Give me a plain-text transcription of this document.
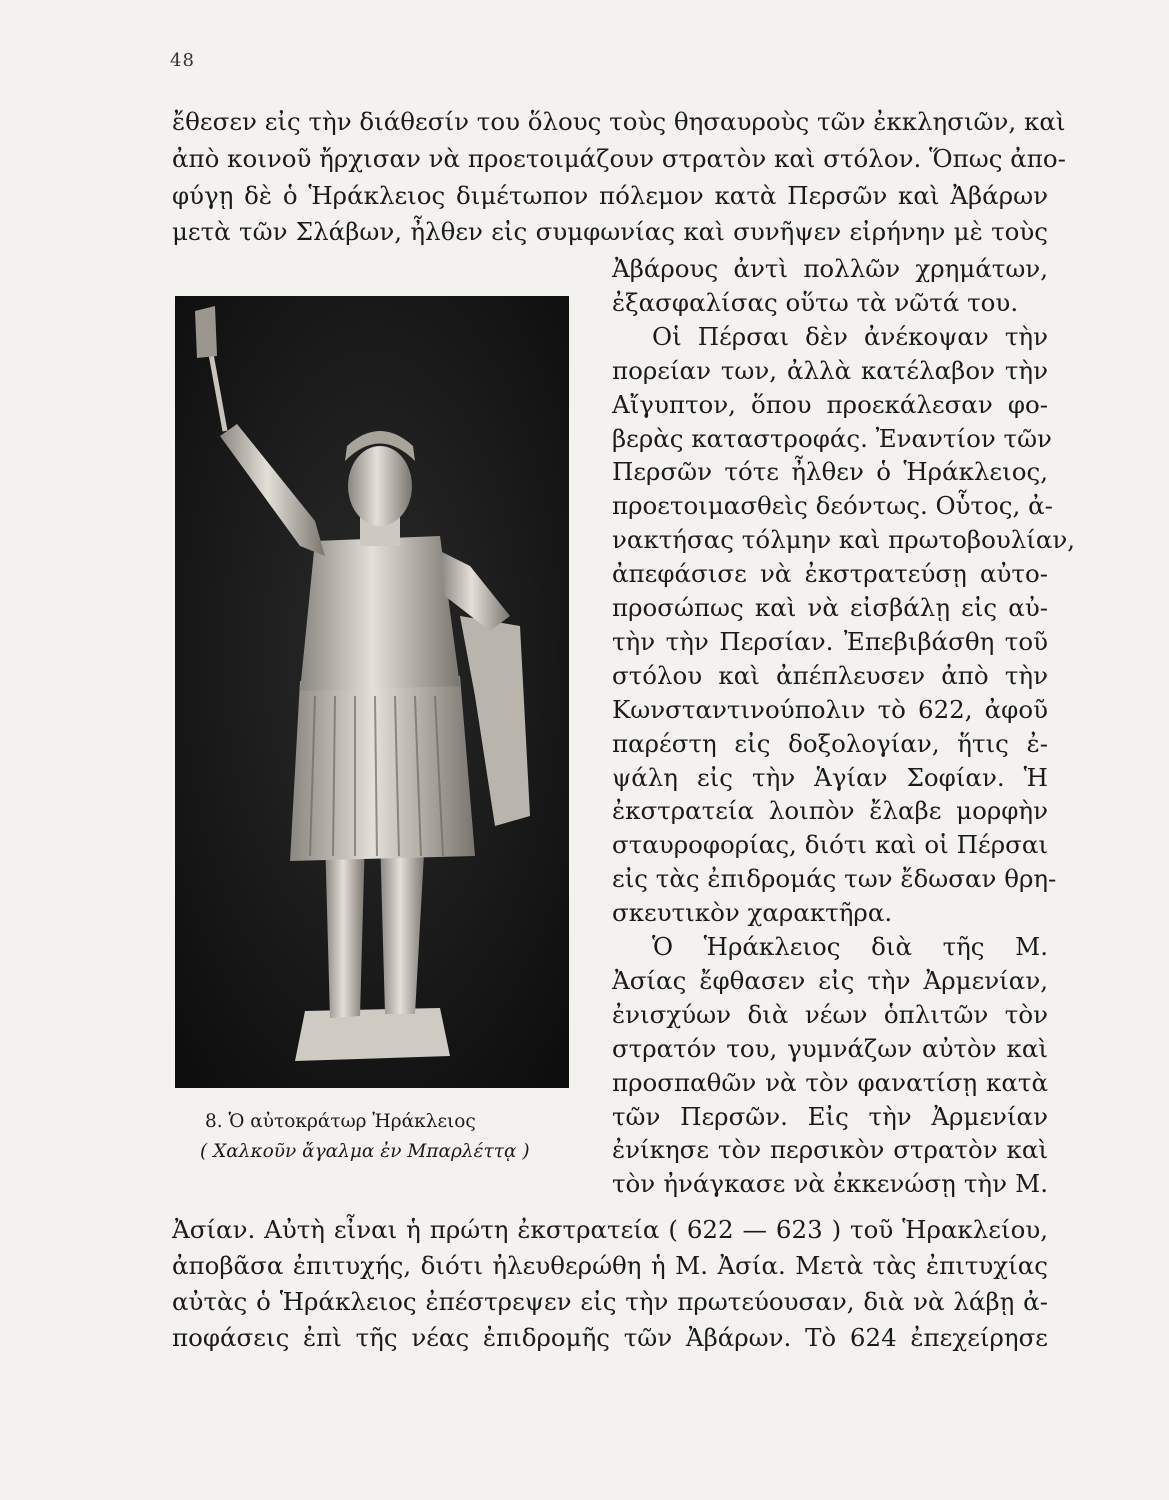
48
ἔθεσεν εἰς τὴν διάθεσίν του ὅλους τοὺς θησαυροὺς τῶν ἐκκλησιῶν, καὶ
ἀπὸ κοινοῦ ἤρχισαν νὰ προετοιμάζουν στρατὸν καὶ στόλον. Ὅπως ἀπο-
φύγῃ δὲ ὁ Ἡράκλειος διμέτωπον πόλεμον κατὰ Περσῶν καὶ Ἀβάρων
μετὰ τῶν Σλάβων, ἦλθεν εἰς συμφωνίας καὶ συνῆψεν εἰρήνην μὲ τοὺς
Ἀβάρους ἀντὶ πολλῶν χρημάτων,
ἐξασφαλίσας οὕτω τὰ νῶτά του.
Οἱ Πέρσαι δὲν ἀνέκοψαν τὴν
πορείαν των, ἀλλὰ κατέλαβον τὴν
Αἴγυπτον, ὅπου προεκάλεσαν φο-
βερὰς καταστροφάς. Ἐναντίον τῶν
Περσῶν τότε ἦλθεν ὁ Ἡράκλειος,
προετοιμασθεὶς δεόντως. Οὗτος, ἀ-
νακτήσας τόλμην καὶ πρωτοβουλίαν,
ἀπεφάσισε νὰ ἐκστρατεύσῃ αὐτο-
προσώπως καὶ νὰ εἰσβάλῃ εἰς αὐ-
τὴν τὴν Περσίαν. Ἐπεβιβάσθη τοῦ
στόλου καὶ ἀπέπλευσεν ἀπὸ τὴν
Κωνσταντινούπολιν τὸ 622, ἀφοῦ
παρέστη εἰς δοξολογίαν, ἥτις ἐ-
ψάλη εἰς τὴν Ἁγίαν Σοφίαν. Ἡ
ἐκστρατεία λοιπὸν ἔλαβε μορφὴν
σταυροφορίας, διότι καὶ οἱ Πέρσαι
εἰς τὰς ἐπιδρομάς των ἔδωσαν θρη-
σκευτικὸν χαρακτῆρα.
Ὁ Ἡράκλειος διὰ τῆς Μ.
Ἀσίας ἔφθασεν εἰς τὴν Ἀρμενίαν,
ἐνισχύων διὰ νέων ὁπλιτῶν τὸν
στρατόν του, γυμνάζων αὐτὸν καὶ
προσπαθῶν νὰ τὸν φανατίσῃ κατὰ
τῶν Περσῶν. Εἰς τὴν Ἀρμενίαν
ἐνίκησε τὸν περσικὸν στρατὸν καὶ
τὸν ἠνάγκασε νὰ ἐκκενώσῃ τὴν Μ.
8. Ὁ αὐτοκράτωρ Ἡράκλειος
( Χαλκοῦν ἄγαλμα ἐν Μπαρλέττᾳ )
Ἀσίαν. Αὐτὴ εἶναι ἡ πρώτη ἐκστρατεία ( 622 — 623 ) τοῦ Ἡρακλείου,
ἀποβᾶσα ἐπιτυχής, διότι ἠλευθερώθη ἡ Μ. Ἀσία. Μετὰ τὰς ἐπιτυχίας
αὐτὰς ὁ Ἡράκλειος ἐπέστρεψεν εἰς τὴν πρωτεύουσαν, διὰ νὰ λάβῃ ἀ-
ποφάσεις ἐπὶ τῆς νέας ἐπιδρομῆς τῶν Ἀβάρων. Τὸ 624 ἐπεχείρησε
